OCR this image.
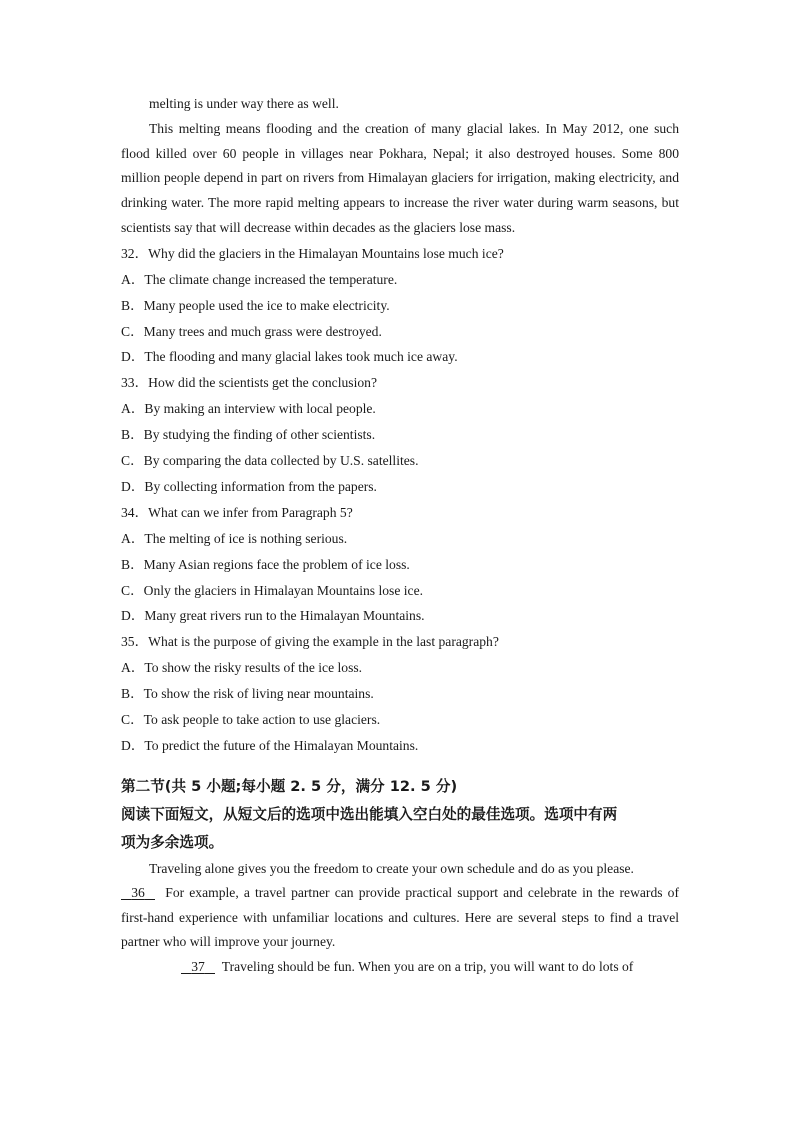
melting is under way there as well.

This melting means flooding and the creation of many glacial lakes. In May 2012, one such flood killed over 60 people in villages near Pokhara, Nepal; it also destroyed houses. Some 800 million people depend in part on rivers from Himalayan glaciers for irrigation, making electricity, and drinking water. The more rapid melting appears to increase the river water during warm seasons, but scientists say that will decrease within decades as the glaciers lose mass.

32．Why did the glaciers in the Himalayan Mountains lose much ice?

A．The climate change increased the temperature.

B．Many people used the ice to make electricity.

C．Many trees and much grass were destroyed.

D．The flooding and many glacial lakes took much ice away.

33．How did the scientists get the conclusion?

A．By making an interview with local people.

B．By studying the finding of other scientists.

C．By comparing the data collected by U.S. satellites.

D．By collecting information from the papers.

34．What can we infer from Paragraph 5?

A．The melting of ice is nothing serious.

B．Many Asian regions face the problem of ice loss.

C．Only the glaciers in Himalayan Mountains lose ice.

D．Many great rivers run to the Himalayan Mountains.

35．What is the purpose of giving the example in the last paragraph?

A．To show the risky results of the ice loss.

B．To show the risk of living near mountains.

C．To ask people to take action to use glaciers.

D．To predict the future of the Himalayan Mountains.

第二节(共 5 小题;每小题 2. 5 分，满分 12. 5 分)

阅读下面短文，从短文后的选项中选出能填入空白处的最佳选项。选项中有两

项为多余选项。

Traveling alone gives you the freedom to create your own schedule and do as you please.

36 For example, a travel partner can provide practical support and celebrate in the rewards of first-hand experience with unfamiliar locations and cultures. Here are several steps to find a travel partner who will improve your journey.

37 Traveling should be fun. When you are on a trip, you will want to do lots of
